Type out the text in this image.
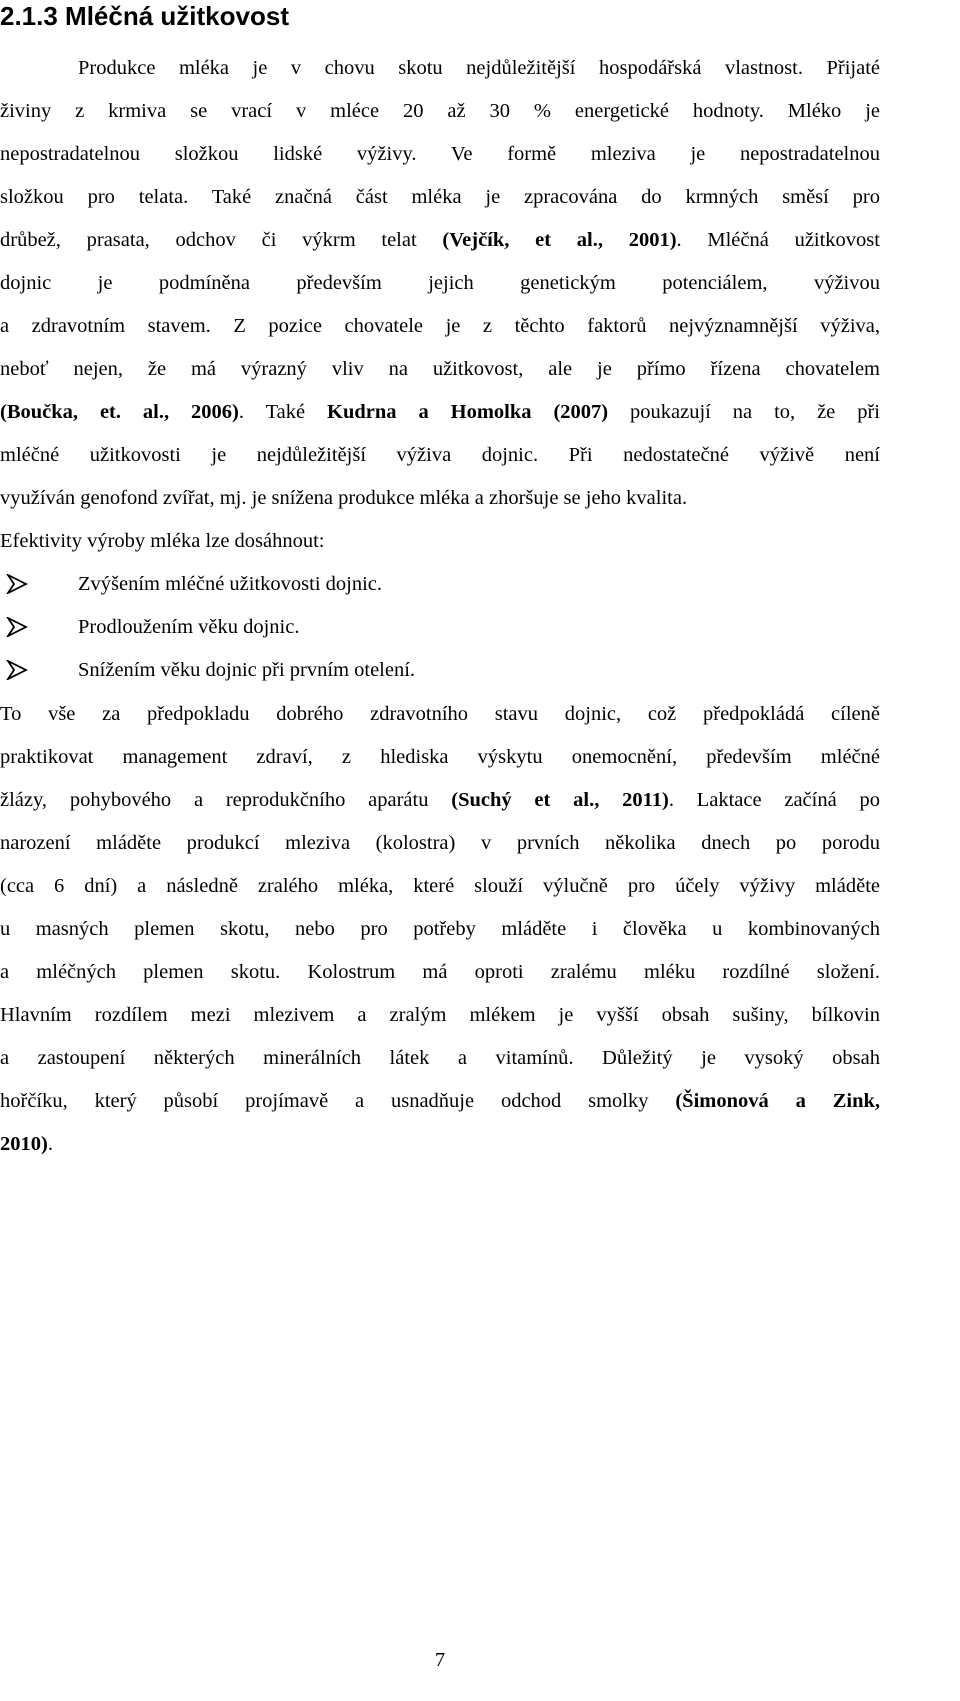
2.1.3 Mléčná užitkovost
Produkce mléka je v chovu skotu nejdůležitější hospodářská vlastnost. Přijaté
živiny z krmiva se vrací v mléce 20 až 30 % energetické hodnoty. Mléko je
nepostradatelnou složkou lidské výživy. Ve formě mleziva je nepostradatelnou
složkou pro telata. Také značná část mléka je zpracována do krmných směsí pro
drůbež, prasata, odchov či výkrm telat (Vejčík, et al., 2001). Mléčná užitkovost
dojnic je podmíněna především jejich genetickým potenciálem, výživou
a zdravotním stavem. Z pozice chovatele je z těchto faktorů nejvýznamnější výživa,
neboť nejen, že má výrazný vliv na užitkovost, ale je přímo řízena chovatelem
(Boučka, et. al., 2006). Také Kudrna a Homolka (2007) poukazují na to, že při
mléčné užitkovosti je nejdůležitější výživa dojnic. Při nedostatečné výživě není
využíván genofond zvířat, mj. je snížena produkce mléka a zhoršuje se jeho kvalita.
Efektivity výroby mléka lze dosáhnout:
Zvýšením mléčné užitkovosti dojnic.
Prodloužením věku dojnic.
Snížením věku dojnic při prvním otelení.
To vše za předpokladu dobrého zdravotního stavu dojnic, což předpokládá cíleně
praktikovat management zdraví, z hlediska výskytu onemocnění, především mléčné
žlázy, pohybového a reprodukčního aparátu (Suchý et al., 2011). Laktace začíná po
narození mláděte produkcí mleziva (kolostra) v prvních několika dnech po porodu
(cca 6 dní) a následně zralého mléka, které slouží výlučně pro účely výživy mláděte
u masných plemen skotu, nebo pro potřeby mláděte i člověka u kombinovaných
a mléčných plemen skotu. Kolostrum má oproti zralému mléku rozdílné složení.
Hlavním rozdílem mezi mlezivem a zralým mlékem je vyšší obsah sušiny, bílkovin
a zastoupení některých minerálních látek a vitamínů. Důležitý je vysoký obsah
hořčíku, který působí projímavě a usnadňuje odchod smolky (Šimonová a Zink,
2010).
7
